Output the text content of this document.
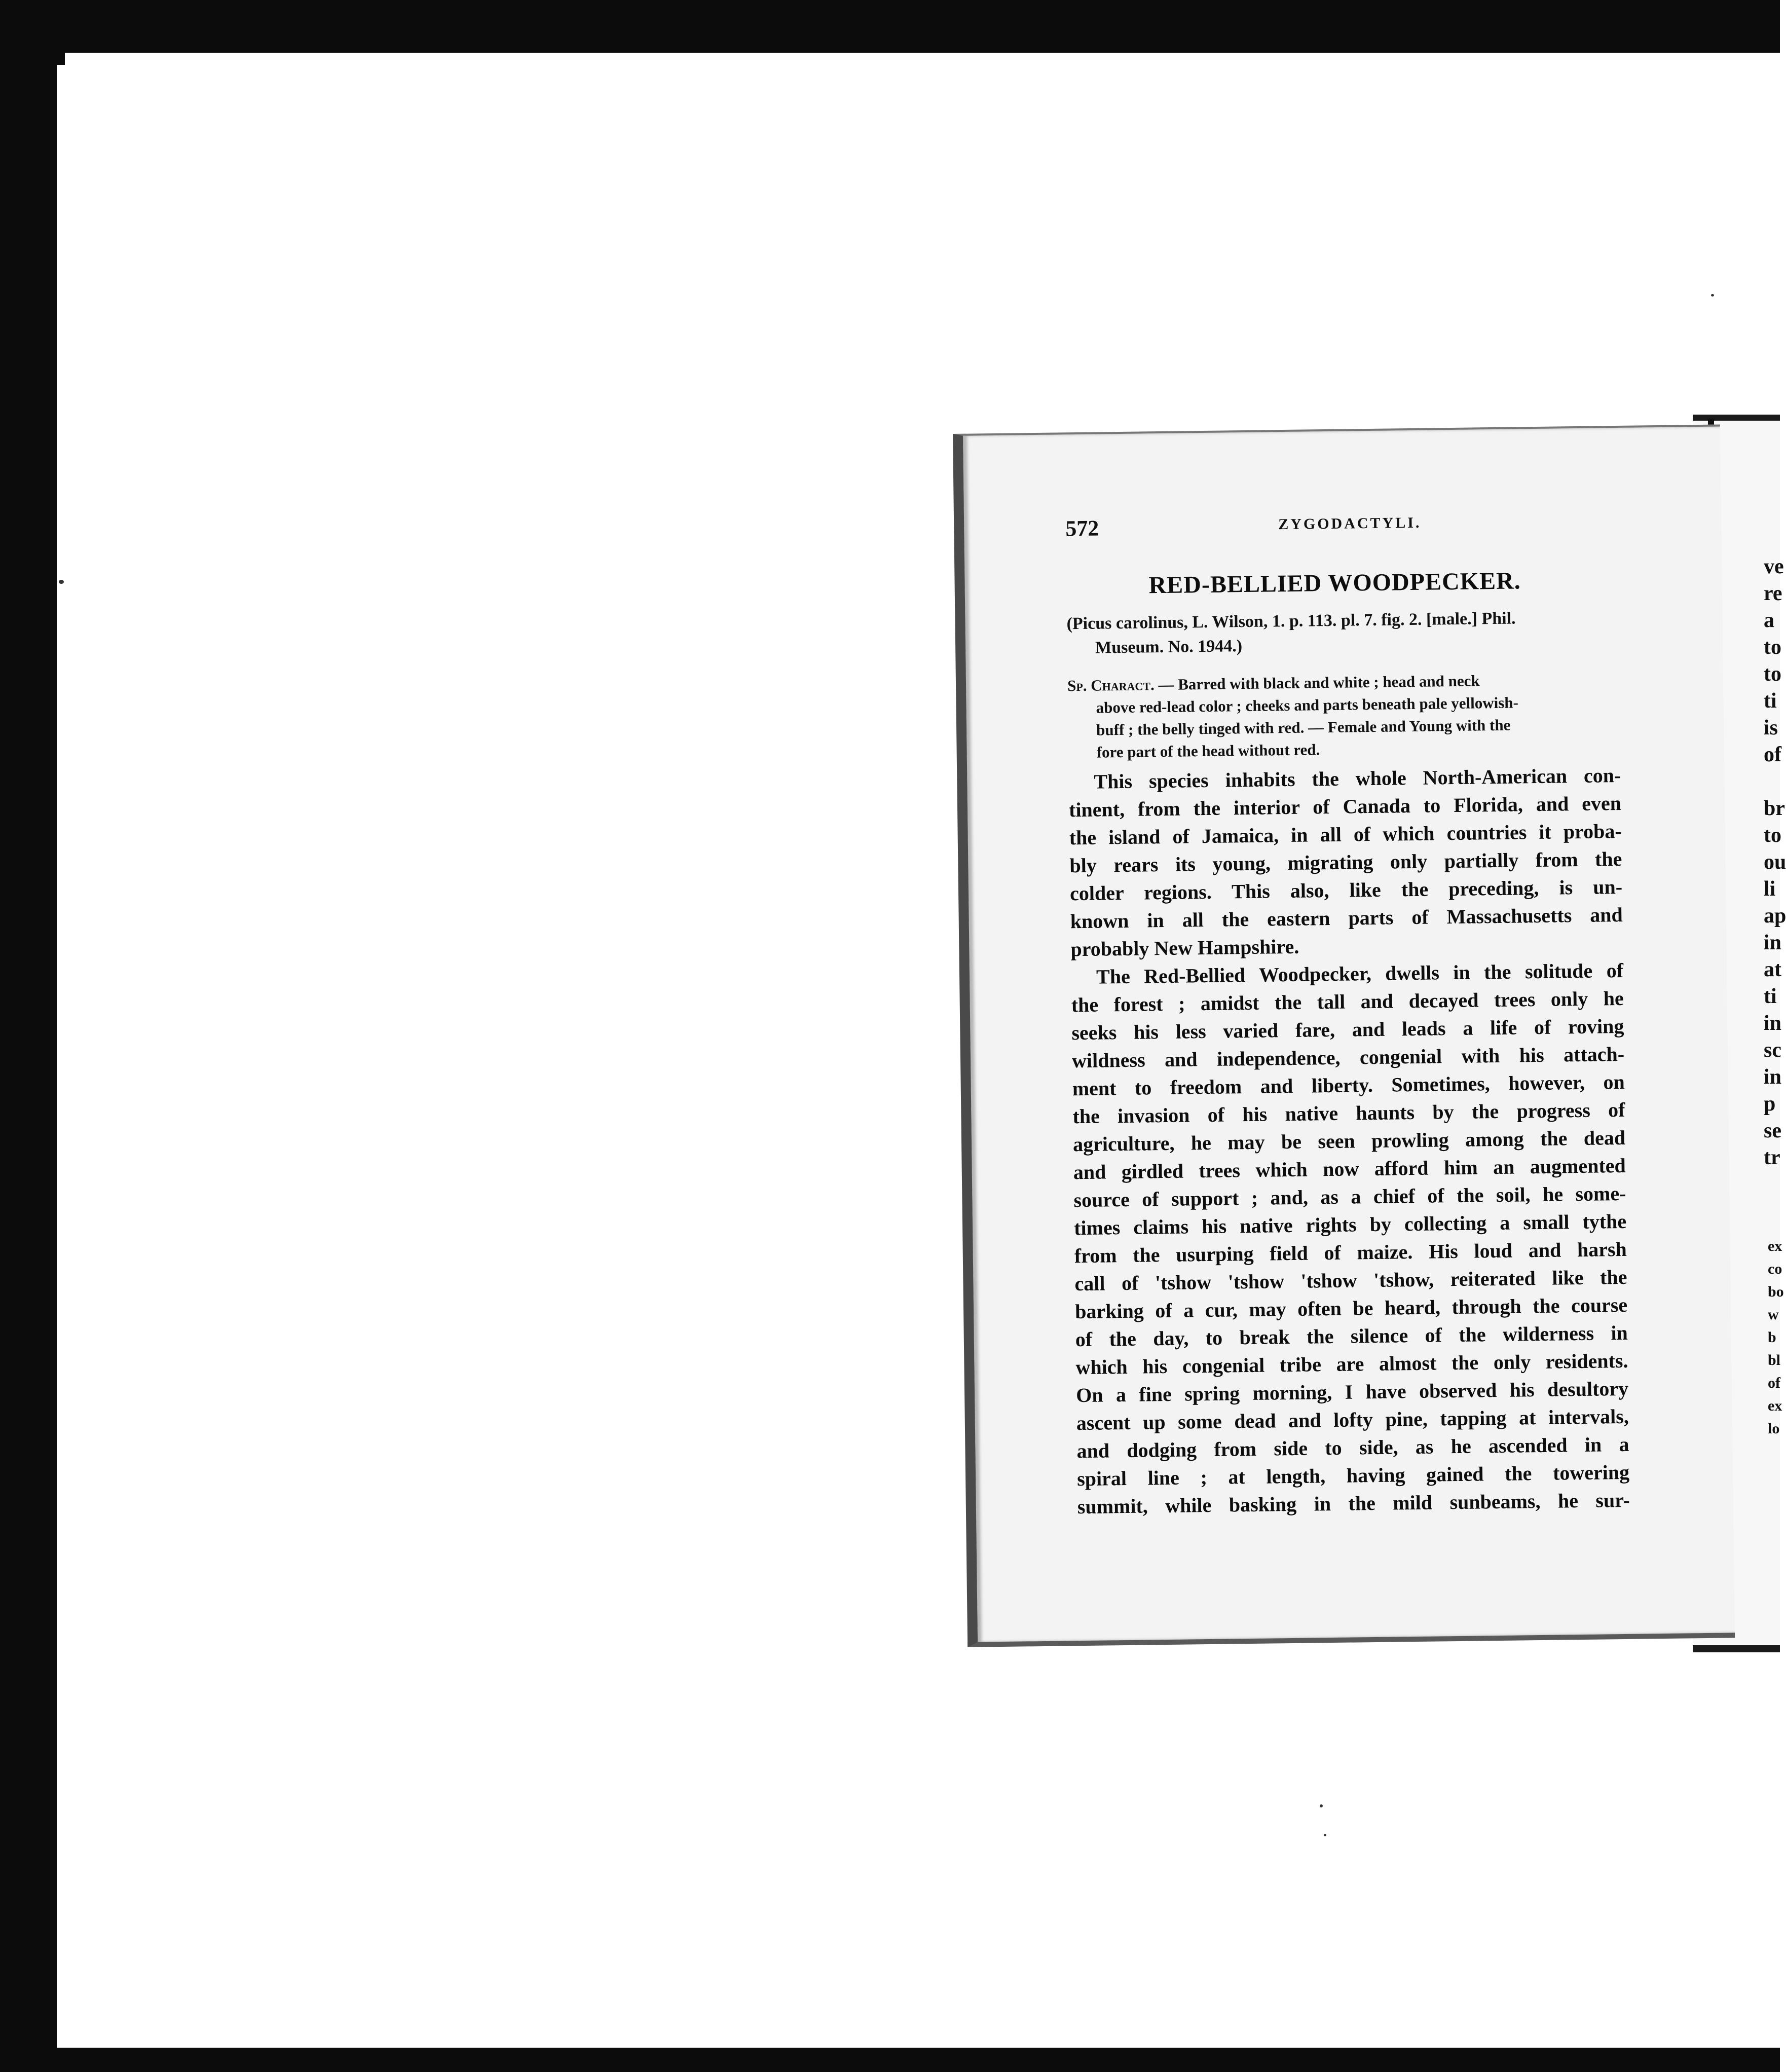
ve
re
a
to
to
ti
is
of
br
to
ou
li
ap
in
at
ti
in
sc
in
p
se
tr
ex
co
bo
w
b
bl
of
ex
lo
572	ZYGODACTYLI.
RED-BELLIED WOODPECKER.
(Picus carolinus, L. Wilson, 1. p. 113. pl. 7. fig. 2. [male.] Phil.
Museum. No. 1944.)
Sp. Charact. — Barred with black and white ; head and neck
above red-lead color ; cheeks and parts beneath pale yellowish-
buff ; the belly tinged with red. — Female and Young with the
fore part of the head without red.
This species inhabits the whole North-American con-
tinent, from the interior of Canada to Florida, and even
the island of Jamaica, in all of which countries it proba-
bly rears its young, migrating only partially from the
colder regions. This also, like the preceding, is un-
known in all the eastern parts of Massachusetts and
probably New Hampshire.
The Red-Bellied Woodpecker, dwells in the solitude of
the forest ; amidst the tall and decayed trees only he
seeks his less varied fare, and leads a life of roving
wildness and independence, congenial with his attach-
ment to freedom and liberty. Sometimes, however, on
the invasion of his native haunts by the progress of
agriculture, he may be seen prowling among the dead
and girdled trees which now afford him an augmented
source of support ; and, as a chief of the soil, he some-
times claims his native rights by collecting a small tythe
from the usurping field of maize. His loud and harsh
call of 'tshow 'tshow 'tshow 'tshow, reiterated like the
barking of a cur, may often be heard, through the course
of the day, to break the silence of the wilderness in
which his congenial tribe are almost the only residents.
On a fine spring morning, I have observed his desultory
ascent up some dead and lofty pine, tapping at intervals,
and dodging from side to side, as he ascended in a
spiral line ; at length, having gained the towering
summit, while basking in the mild sunbeams, he sur-
